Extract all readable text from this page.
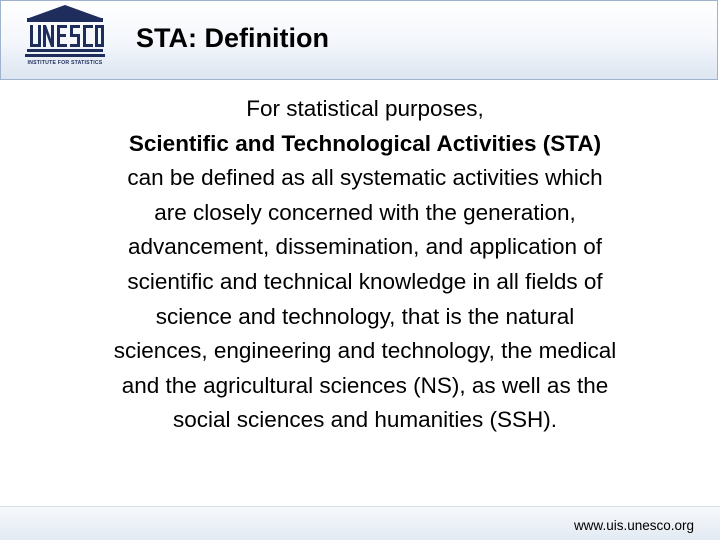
INSTITUTE FOR STATISTICS
STA: Definition
For statistical purposes,
Scientific and Technological Activities (STA)
can be defined as all systematic activities which
are closely concerned with the generation,
advancement, dissemination, and application of
scientific and technical knowledge in all fields of
science and technology, that is the natural
sciences, engineering and technology, the medical
and the agricultural sciences (NS), as well as the
social sciences and humanities (SSH).
www.uis.unesco.org
